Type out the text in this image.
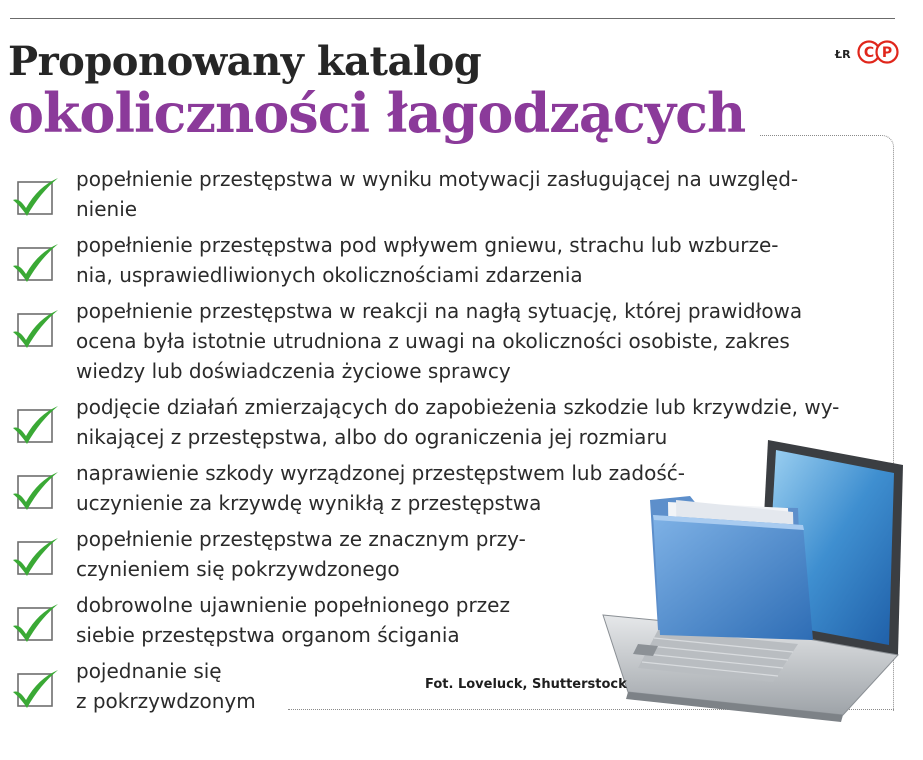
Proponowany katalog
okoliczności łagodzących
ŁR C P
Fot. Loveluck, Shutterstock
popełnienie przestępstwa w wyniku motywacji zasługującej na uwzględ-
nienie
popełnienie przestępstwa pod wpływem gniewu, strachu lub wzburze-
nia, usprawiedliwionych okolicznościami zdarzenia
popełnienie przestępstwa w reakcji na nagłą sytuację, której prawidłowa
ocena była istotnie utrudniona z uwagi na okoliczności osobiste, zakres
wiedzy lub doświadczenia życiowe sprawcy
podjęcie działań zmierzających do zapobieżenia szkodzie lub krzywdzie, wy-
nikającej z przestępstwa, albo do ograniczenia jej rozmiaru
naprawienie szkody wyrządzonej przestępstwem lub zadość-
uczynienie za krzywdę wynikłą z przestępstwa
popełnienie przestępstwa ze znacznym przy-
czynieniem się pokrzywdzonego
dobrowolne ujawnienie popełnionego przez
siebie przestępstwa organom ścigania
pojednanie się
z pokrzywdzonym
